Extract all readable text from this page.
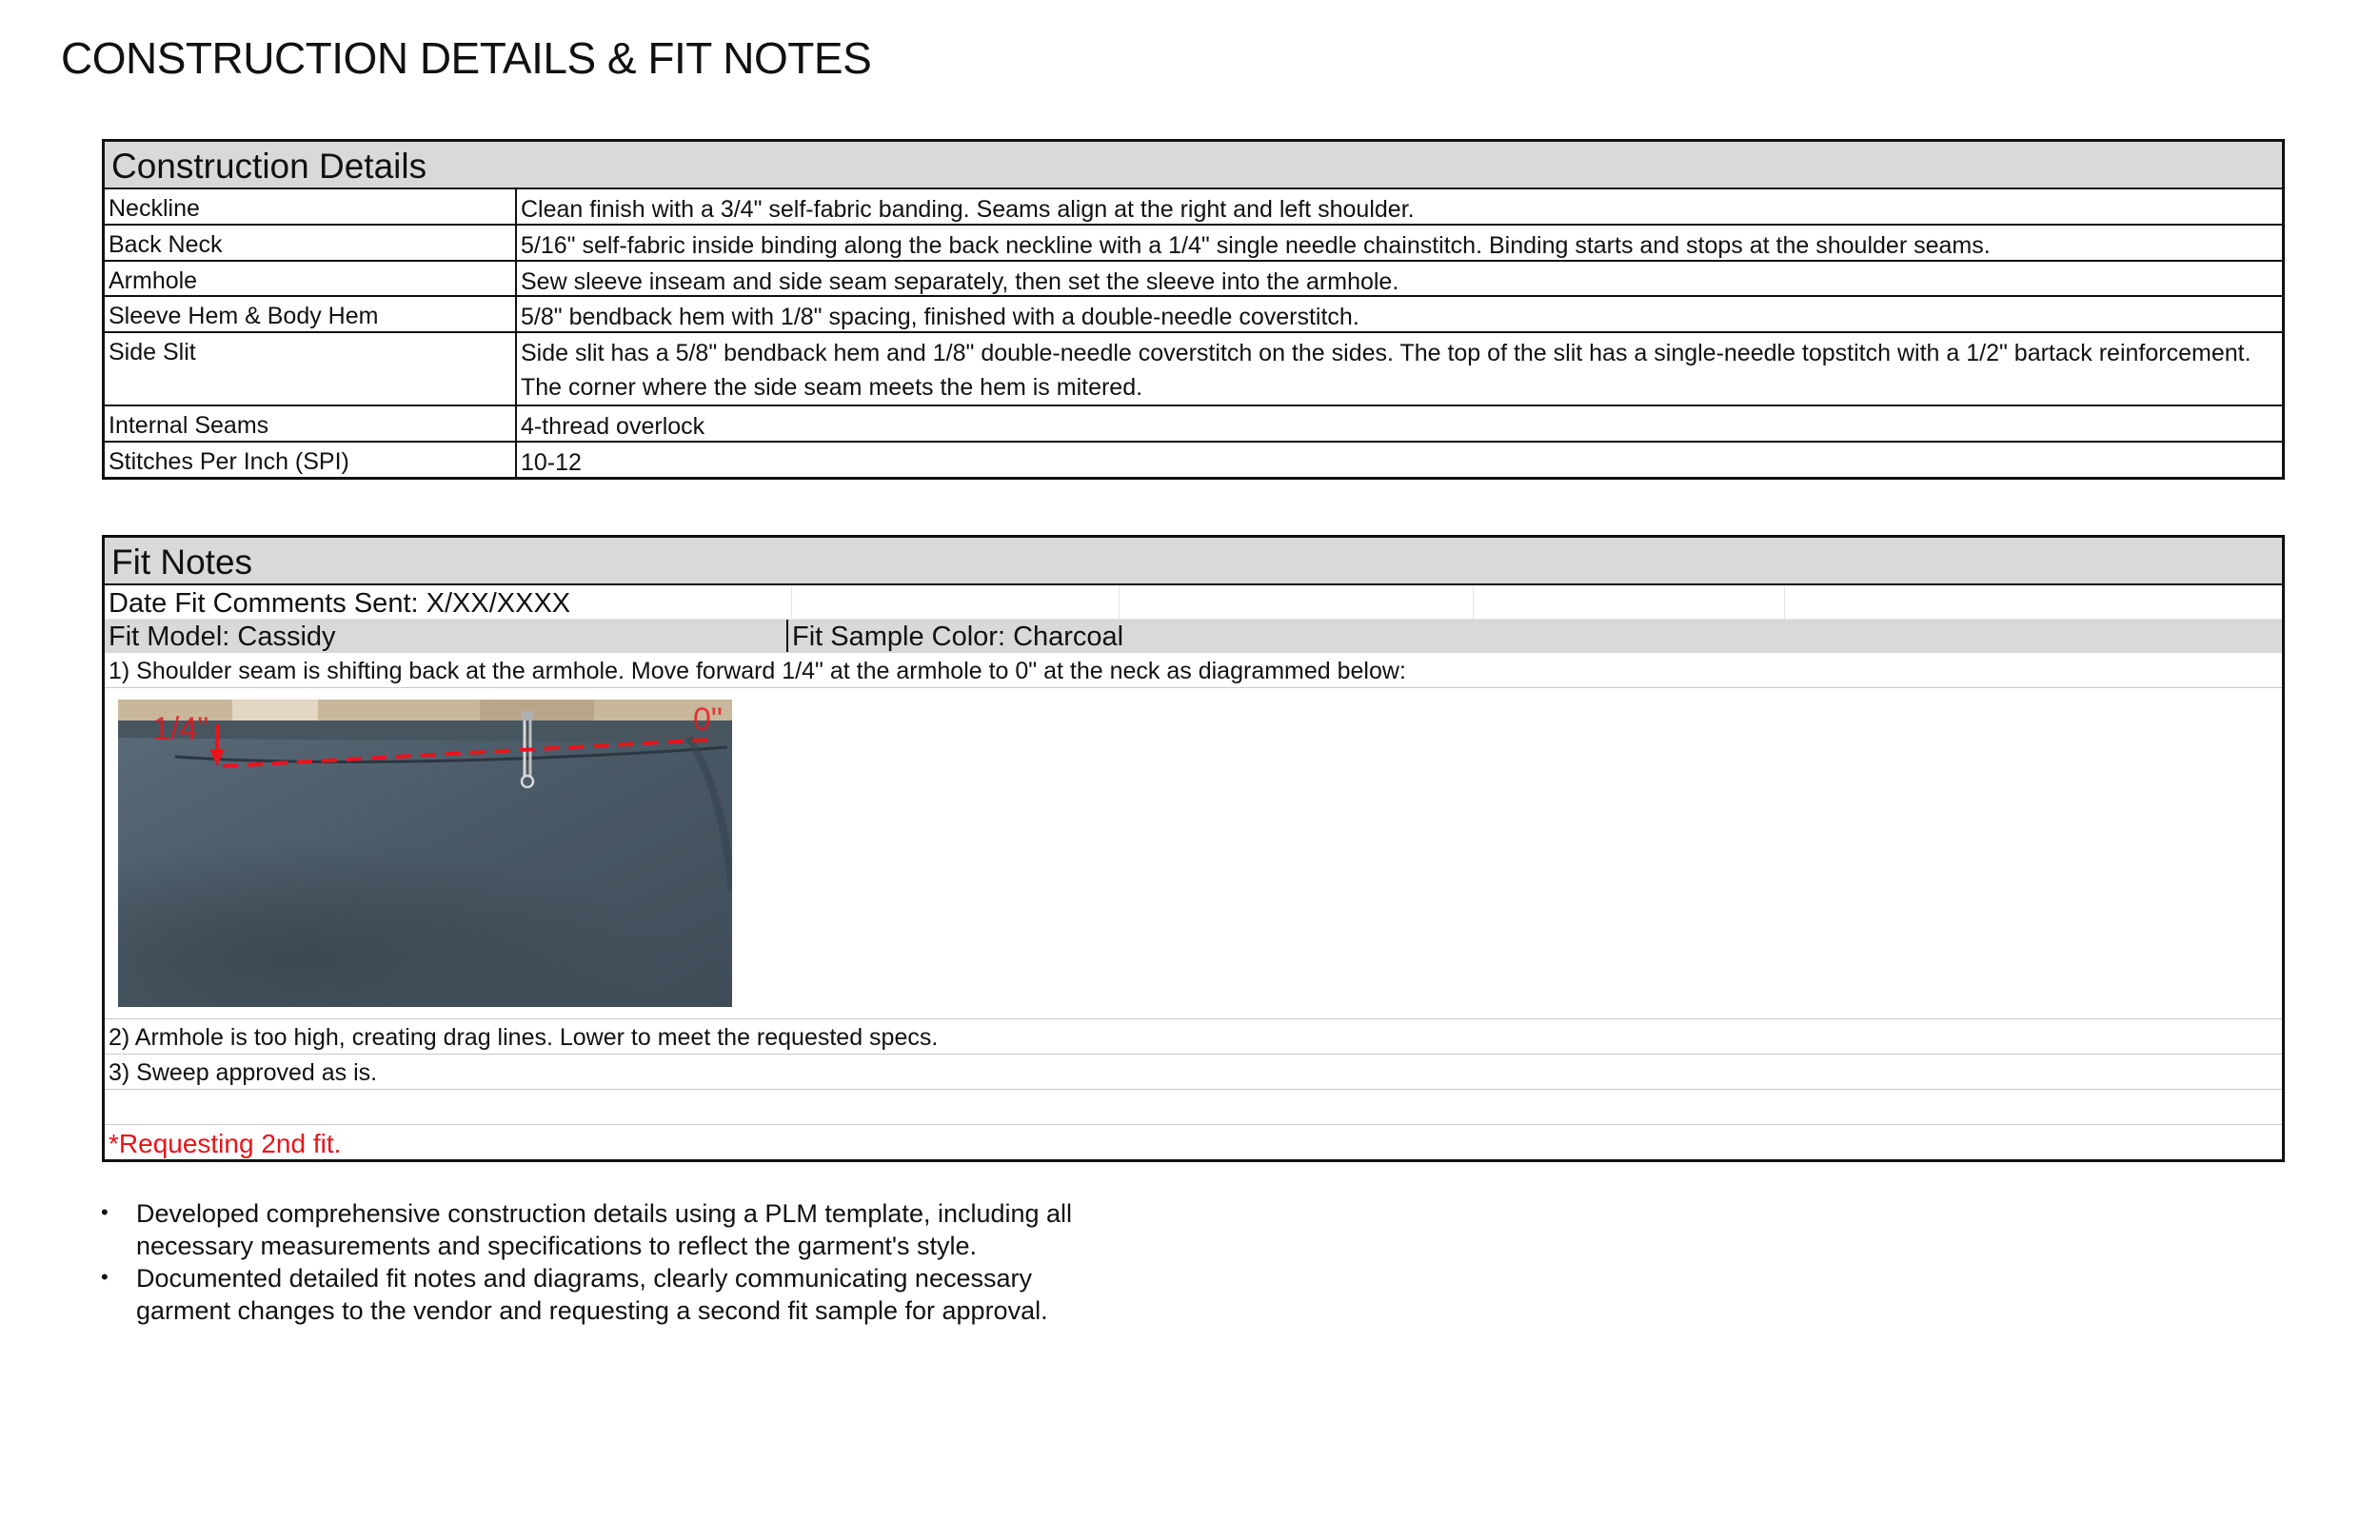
CONSTRUCTION DETAILS & FIT NOTES
Construction Details
Neckline	Clean finish with a 3/4" self-fabric banding. Seams align at the right and left shoulder.
Back Neck	5/16" self-fabric inside binding along the back neckline with a 1/4" single needle chainstitch. Binding starts and stops at the shoulder seams.
Armhole	Sew sleeve inseam and side seam separately, then set the sleeve into the armhole.
Sleeve Hem & Body Hem	5/8" bendback hem with 1/8" spacing, finished with a double-needle coverstitch.
Side Slit	Side slit has a 5/8" bendback hem and 1/8" double-needle coverstitch on the sides. The top of the slit has a single-needle topstitch with a 1/2" bartack reinforcement. The corner where the side seam meets the hem is mitered.
Internal Seams	4-thread overlock
Stitches Per Inch (SPI)	10-12
Fit Notes
Date Fit Comments Sent: X/XX/XXXX
Fit Model: Cassidy	Fit Sample Color: Charcoal
1) Shoulder seam is shifting back at the armhole. Move forward 1/4" at the armhole to 0" at the neck as diagrammed below:
1/4"	0"
2) Armhole is too high, creating drag lines. Lower to meet the requested specs.
3) Sweep approved as is.
*Requesting 2nd fit.
• Developed comprehensive construction details using a PLM template, including all necessary measurements and specifications to reflect the garment's style.
• Documented detailed fit notes and diagrams, clearly communicating necessary garment changes to the vendor and requesting a second fit sample for approval.
